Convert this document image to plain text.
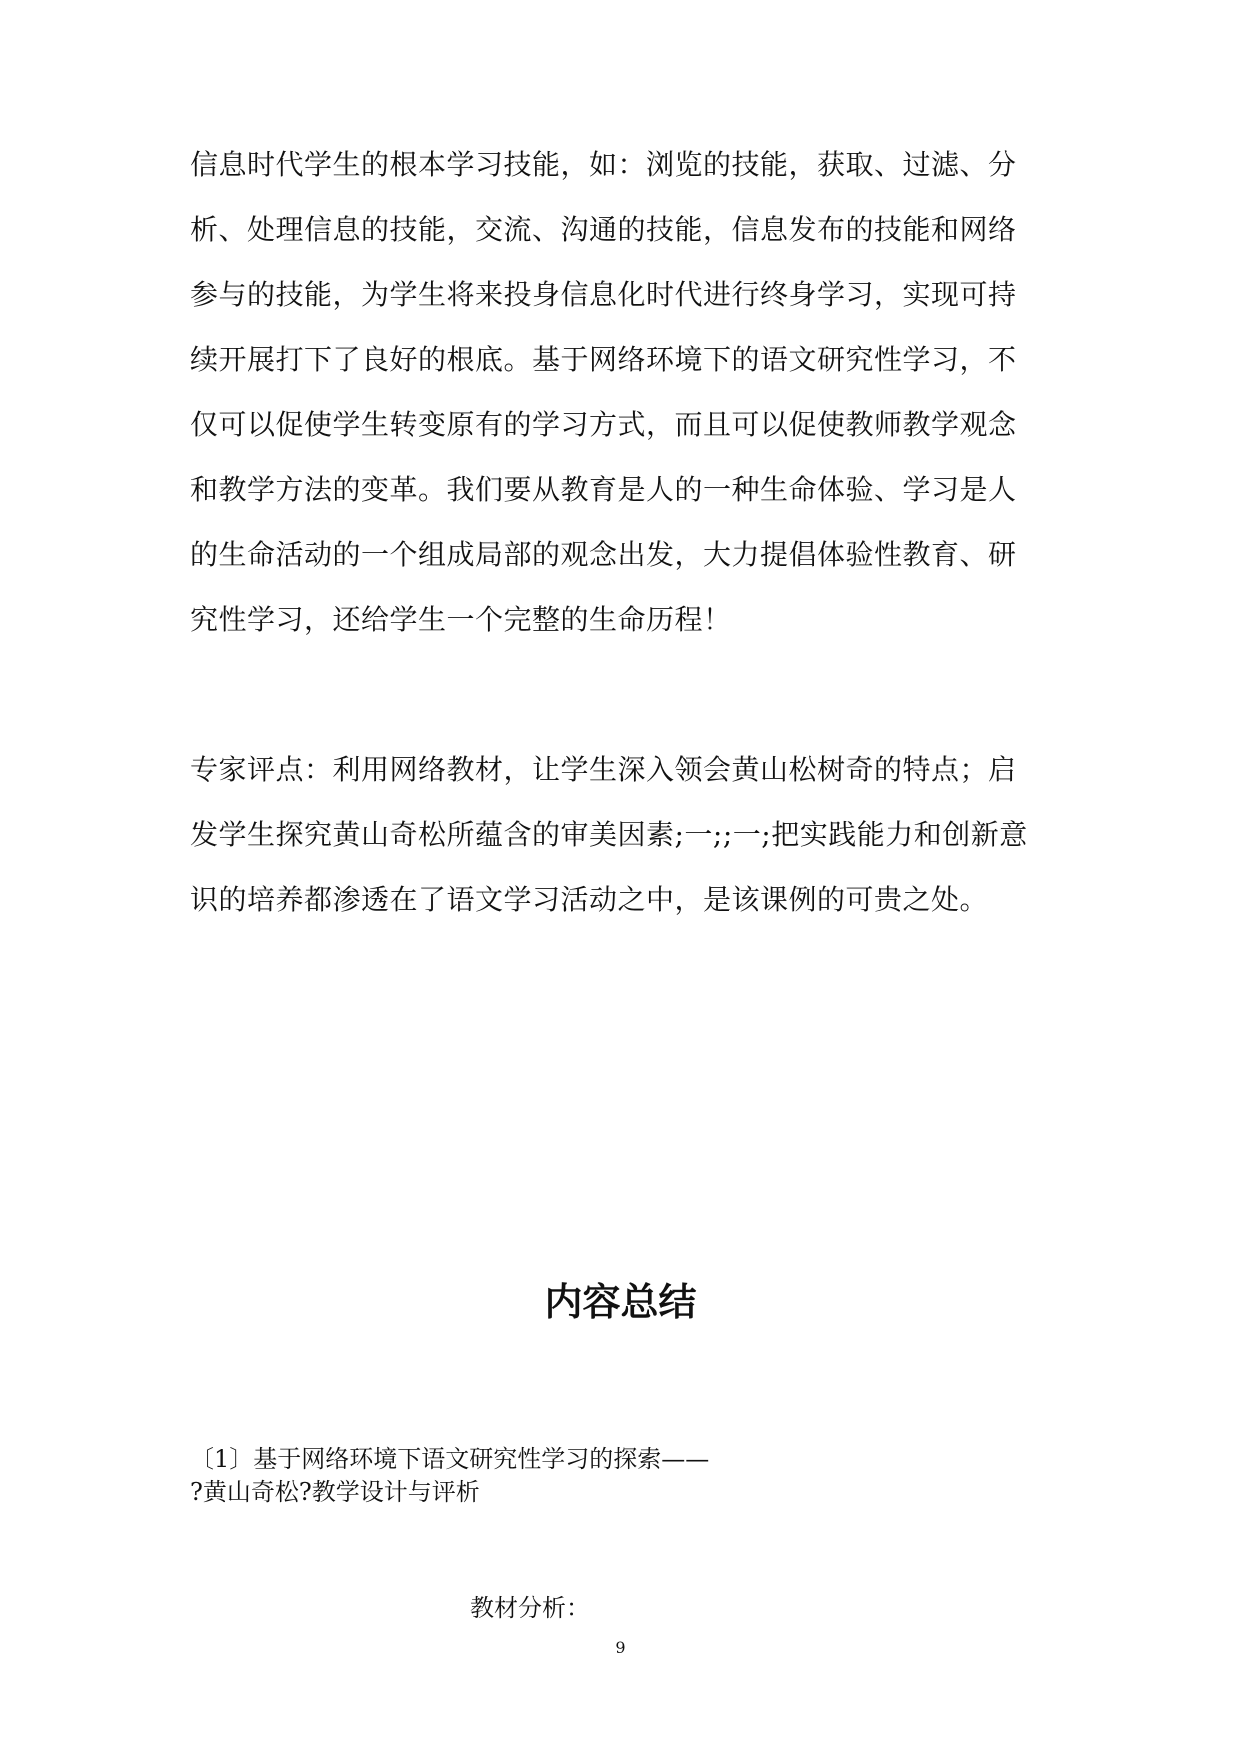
信息时代学生的根本学习技能，如：浏览的技能，获取、过滤、分
析、处理信息的技能，交流、沟通的技能，信息发布的技能和网络
参与的技能，为学生将来投身信息化时代进行终身学习，实现可持
续开展打下了良好的根底。基于网络环境下的语文研究性学习，不
仅可以促使学生转变原有的学习方式，而且可以促使教师教学观念
和教学方法的变革。我们要从教育是人的一种生命体验、学习是人
的生命活动的一个组成局部的观念出发，大力提倡体验性教育、研
究性学习，还给学生一个完整的生命历程！
专家评点：利用网络教材，让学生深入领会黄山松树奇的特点；启
发学生探究黄山奇松所蕴含的审美因素;一;;一;把实践能力和创新意
识的培养都渗透在了语文学习活动之中，是该课例的可贵之处。
内容总结
〔1〕基于网络环境下语文研究性学习的探索——
?黄山奇松?教学设计与评析
教材分析：
9
